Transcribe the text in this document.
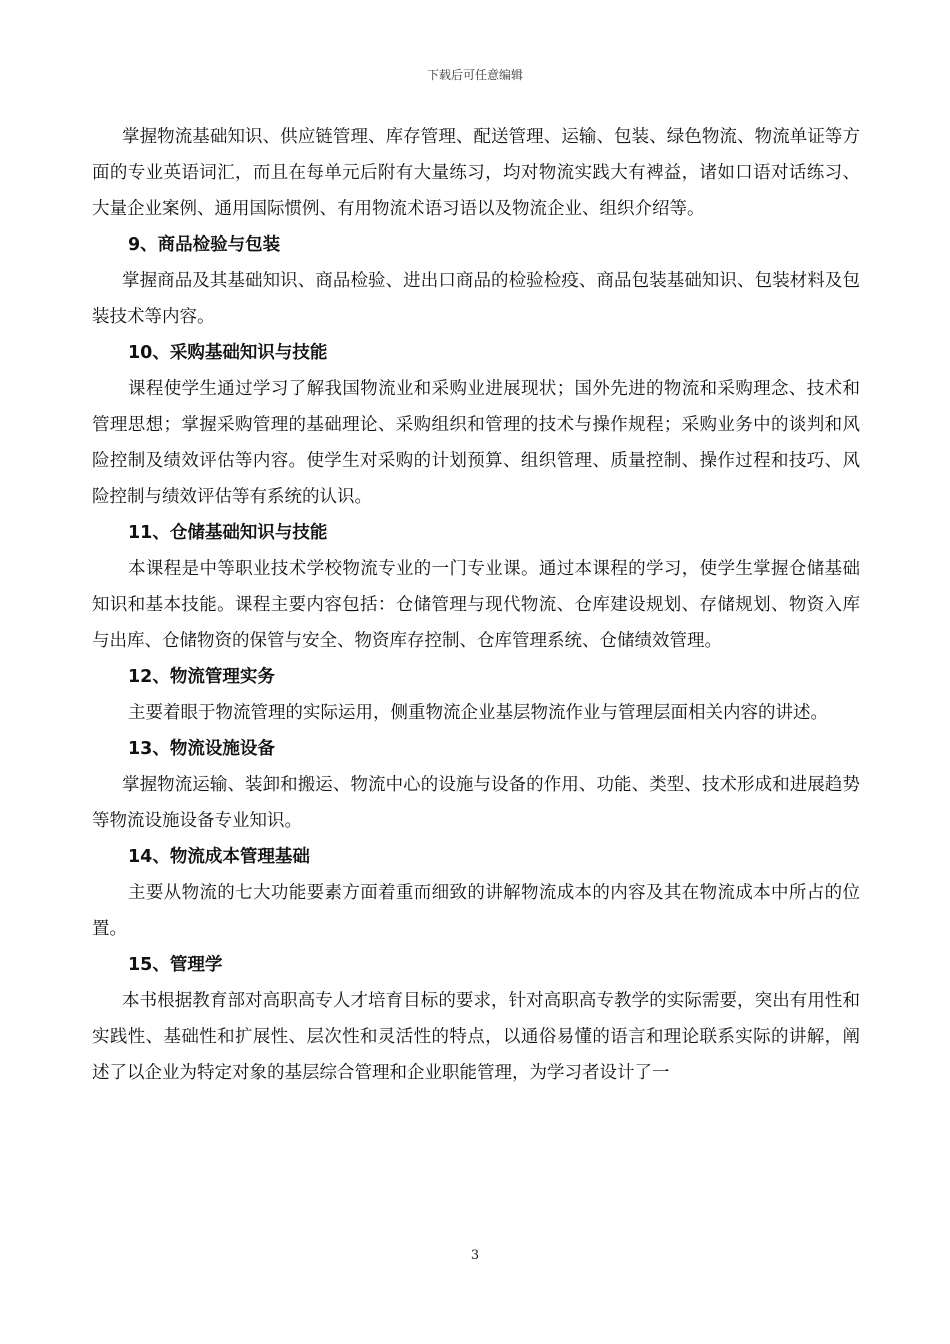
下载后可任意编辑

掌握物流基础知识、供应链管理、库存管理、配送管理、运输、包装、绿色物流、物流单证等方面的专业英语词汇，而且在每单元后附有大量练习，均对物流实践大有裨益，诸如口语对话练习、大量企业案例、通用国际惯例、有用物流术语习语以及物流企业、组织介绍等。

9、商品检验与包装

掌握商品及其基础知识、商品检验、进出口商品的检验检疫、商品包装基础知识、包装材料及包装技术等内容。

10、采购基础知识与技能

课程使学生通过学习了解我国物流业和采购业进展现状；国外先进的物流和采购理念、技术和管理思想；掌握采购管理的基础理论、采购组织和管理的技术与操作规程；采购业务中的谈判和风险控制及绩效评估等内容。使学生对采购的计划预算、组织管理、质量控制、操作过程和技巧、风险控制与绩效评估等有系统的认识。

11、仓储基础知识与技能

本课程是中等职业技术学校物流专业的一门专业课。通过本课程的学习，使学生掌握仓储基础知识和基本技能。课程主要内容包括：仓储管理与现代物流、仓库建设规划、存储规划、物资入库与出库、仓储物资的保管与安全、物资库存控制、仓库管理系统、仓储绩效管理。

12、物流管理实务

主要着眼于物流管理的实际运用，侧重物流企业基层物流作业与管理层面相关内容的讲述。

13、物流设施设备

掌握物流运输、装卸和搬运、物流中心的设施与设备的作用、功能、类型、技术形成和进展趋势等物流设施设备专业知识。

14、物流成本管理基础

主要从物流的七大功能要素方面着重而细致的讲解物流成本的内容及其在物流成本中所占的位置。

15、管理学

本书根据教育部对高职高专人才培育目标的要求，针对高职高专教学的实际需要，突出有用性和实践性、基础性和扩展性、层次性和灵活性的特点，以通俗易懂的语言和理论联系实际的讲解，阐述了以企业为特定对象的基层综合管理和企业职能管理，为学习者设计了一

3
